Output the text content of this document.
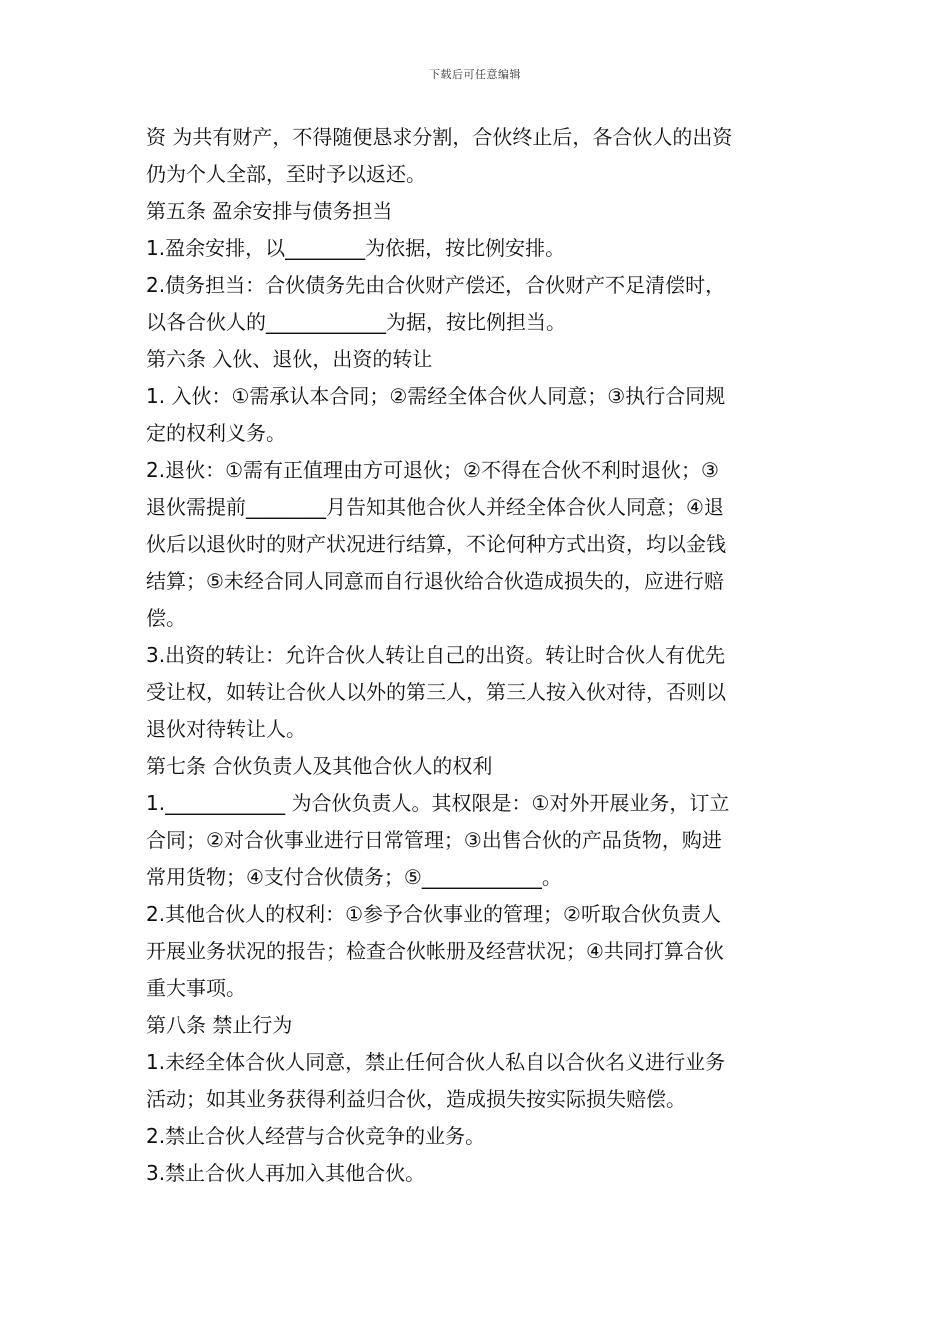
下载后可任意编辑
资 为共有财产，不得随便恳求分割，合伙终止后，各合伙人的出资
仍为个人全部，至时予以返还。
第五条 盈余安排与债务担当
1.盈余安排，以________为依据，按比例安排。
2.债务担当：合伙债务先由合伙财产偿还，合伙财产不足清偿时，
以各合伙人的____________为据，按比例担当。
第六条 入伙、退伙，出资的转让
1. 入伙：①需承认本合同；②需经全体合伙人同意；③执行合同规
定的权利义务。
2.退伙：①需有正值理由方可退伙；②不得在合伙不利时退伙；③
退伙需提前________月告知其他合伙人并经全体合伙人同意；④退
伙后以退伙时的财产状况进行结算，不论何种方式出资，均以金钱
结算；⑤未经合同人同意而自行退伙给合伙造成损失的，应进行赔
偿。
3.出资的转让：允许合伙人转让自己的出资。转让时合伙人有优先
受让权，如转让合伙人以外的第三人，第三人按入伙对待，否则以
退伙对待转让人。
第七条 合伙负责人及其他合伙人的权利
1.____________ 为合伙负责人。其权限是：①对外开展业务，订立
合同；②对合伙事业进行日常管理；③出售合伙的产品货物，购进
常用货物；④支付合伙债务；⑤____________。
2.其他合伙人的权利：①参予合伙事业的管理；②听取合伙负责人
开展业务状况的报告；检查合伙帐册及经营状况；④共同打算合伙
重大事项。
第八条 禁止行为
1.未经全体合伙人同意，禁止任何合伙人私自以合伙名义进行业务
活动；如其业务获得利益归合伙，造成损失按实际损失赔偿。
2.禁止合伙人经营与合伙竞争的业务。
3.禁止合伙人再加入其他合伙。
